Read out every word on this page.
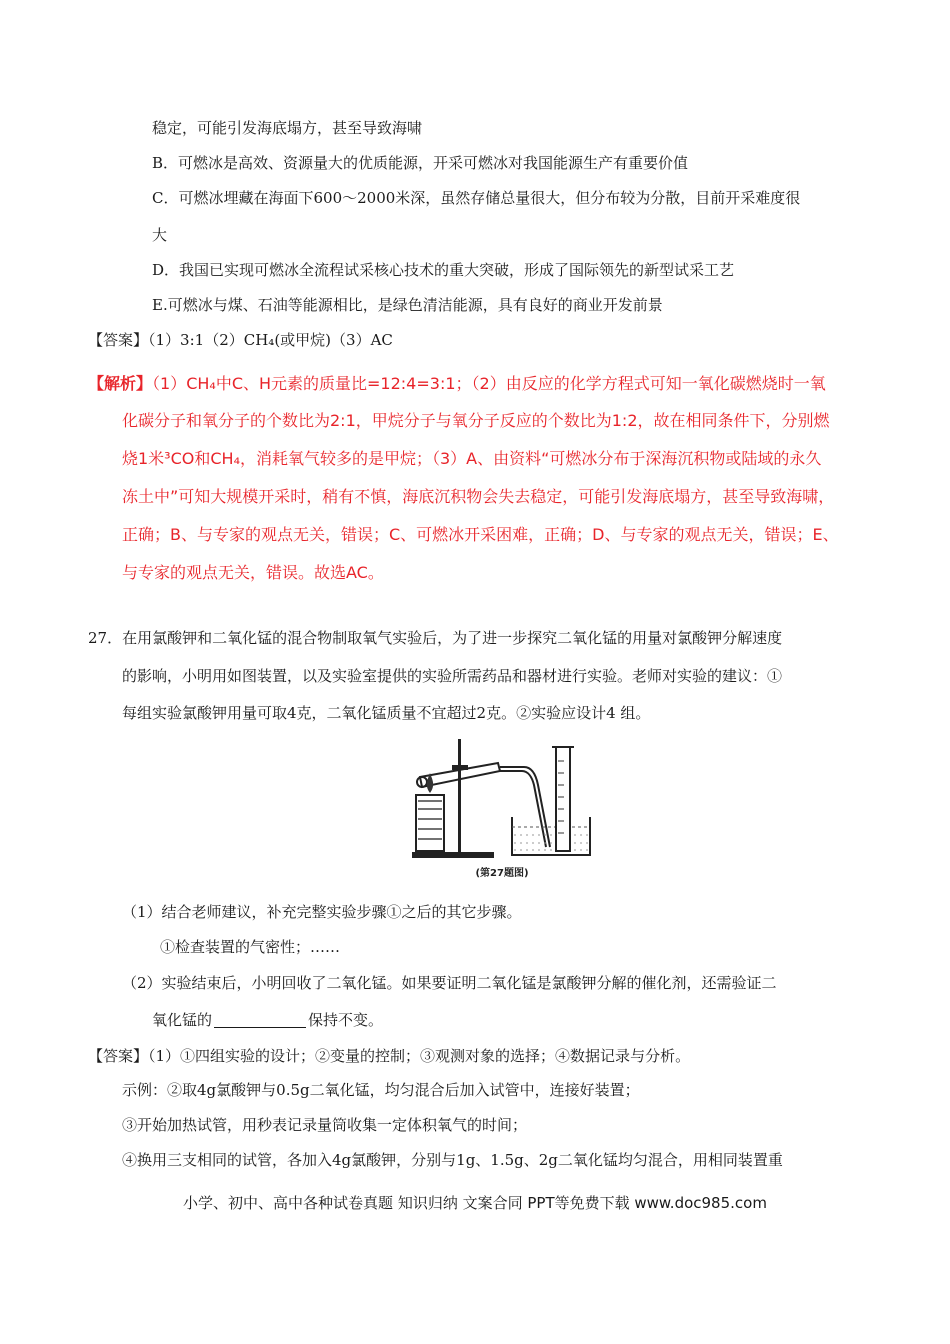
稳定，可能引发海底塌方，甚至导致海啸
B．可燃冰是高效、资源量大的优质能源，开采可燃冰对我国能源生产有重要价值
C．可燃冰埋藏在海面下600～2000米深，虽然存储总量很大，但分布较为分散，目前开采难度很
大
D．我国已实现可燃冰全流程试采核心技术的重大突破，形成了国际领先的新型试采工艺
E.可燃冰与煤、石油等能源相比，是绿色清洁能源，具有良好的商业开发前景
【答案】（1）3:1（2）CH₄(或甲烷)（3）AC
【解析】（1）CH₄中C、H元素的质量比=12:4=3:1；（2）由反应的化学方程式可知一氧化碳燃烧时一氧
化碳分子和氧分子的个数比为2:1，甲烷分子与氧分子反应的个数比为1:2，故在相同条件下，分别燃
烧1米³CO和CH₄，消耗氧气较多的是甲烷；（3）A、由资料“可燃冰分布于深海沉积物或陆域的永久
冻土中”可知大规模开采时，稍有不慎，海底沉积物会失去稳定，可能引发海底塌方，甚至导致海啸，
正确；B、与专家的观点无关，错误；C、可燃冰开采困难，正确；D、与专家的观点无关，错误；E、
与专家的观点无关，错误。故选AC。
27．在用氯酸钾和二氧化锰的混合物制取氧气实验后，为了进一步探究二氧化锰的用量对氯酸钾分解速度
的影响，小明用如图装置，以及实验室提供的实验所需药品和器材进行实验。老师对实验的建议：①
每组实验氯酸钾用量可取4克，二氧化锰质量不宜超过2克。②实验应设计4 组。
(第27题图)
（1）结合老师建议，补充完整实验步骤①之后的其它步骤。
①检查装置的气密性；……
（2）实验结束后，小明回收了二氧化锰。如果要证明二氧化锰是氯酸钾分解的催化剂，还需验证二
氧化锰的	保持不变。
【答案】（1）①四组实验的设计；②变量的控制；③观测对象的选择；④数据记录与分析。
示例：②取4g氯酸钾与0.5g二氧化锰，均匀混合后加入试管中，连接好装置；
③开始加热试管，用秒表记录量筒收集一定体积氧气的时间；
④换用三支相同的试管，各加入4g氯酸钾，分别与1g、1.5g、2g二氧化锰均匀混合，用相同装置重
小学、初中、高中各种试卷真题 知识归纳 文案合同 PPT等免费下载 www.doc985.com
